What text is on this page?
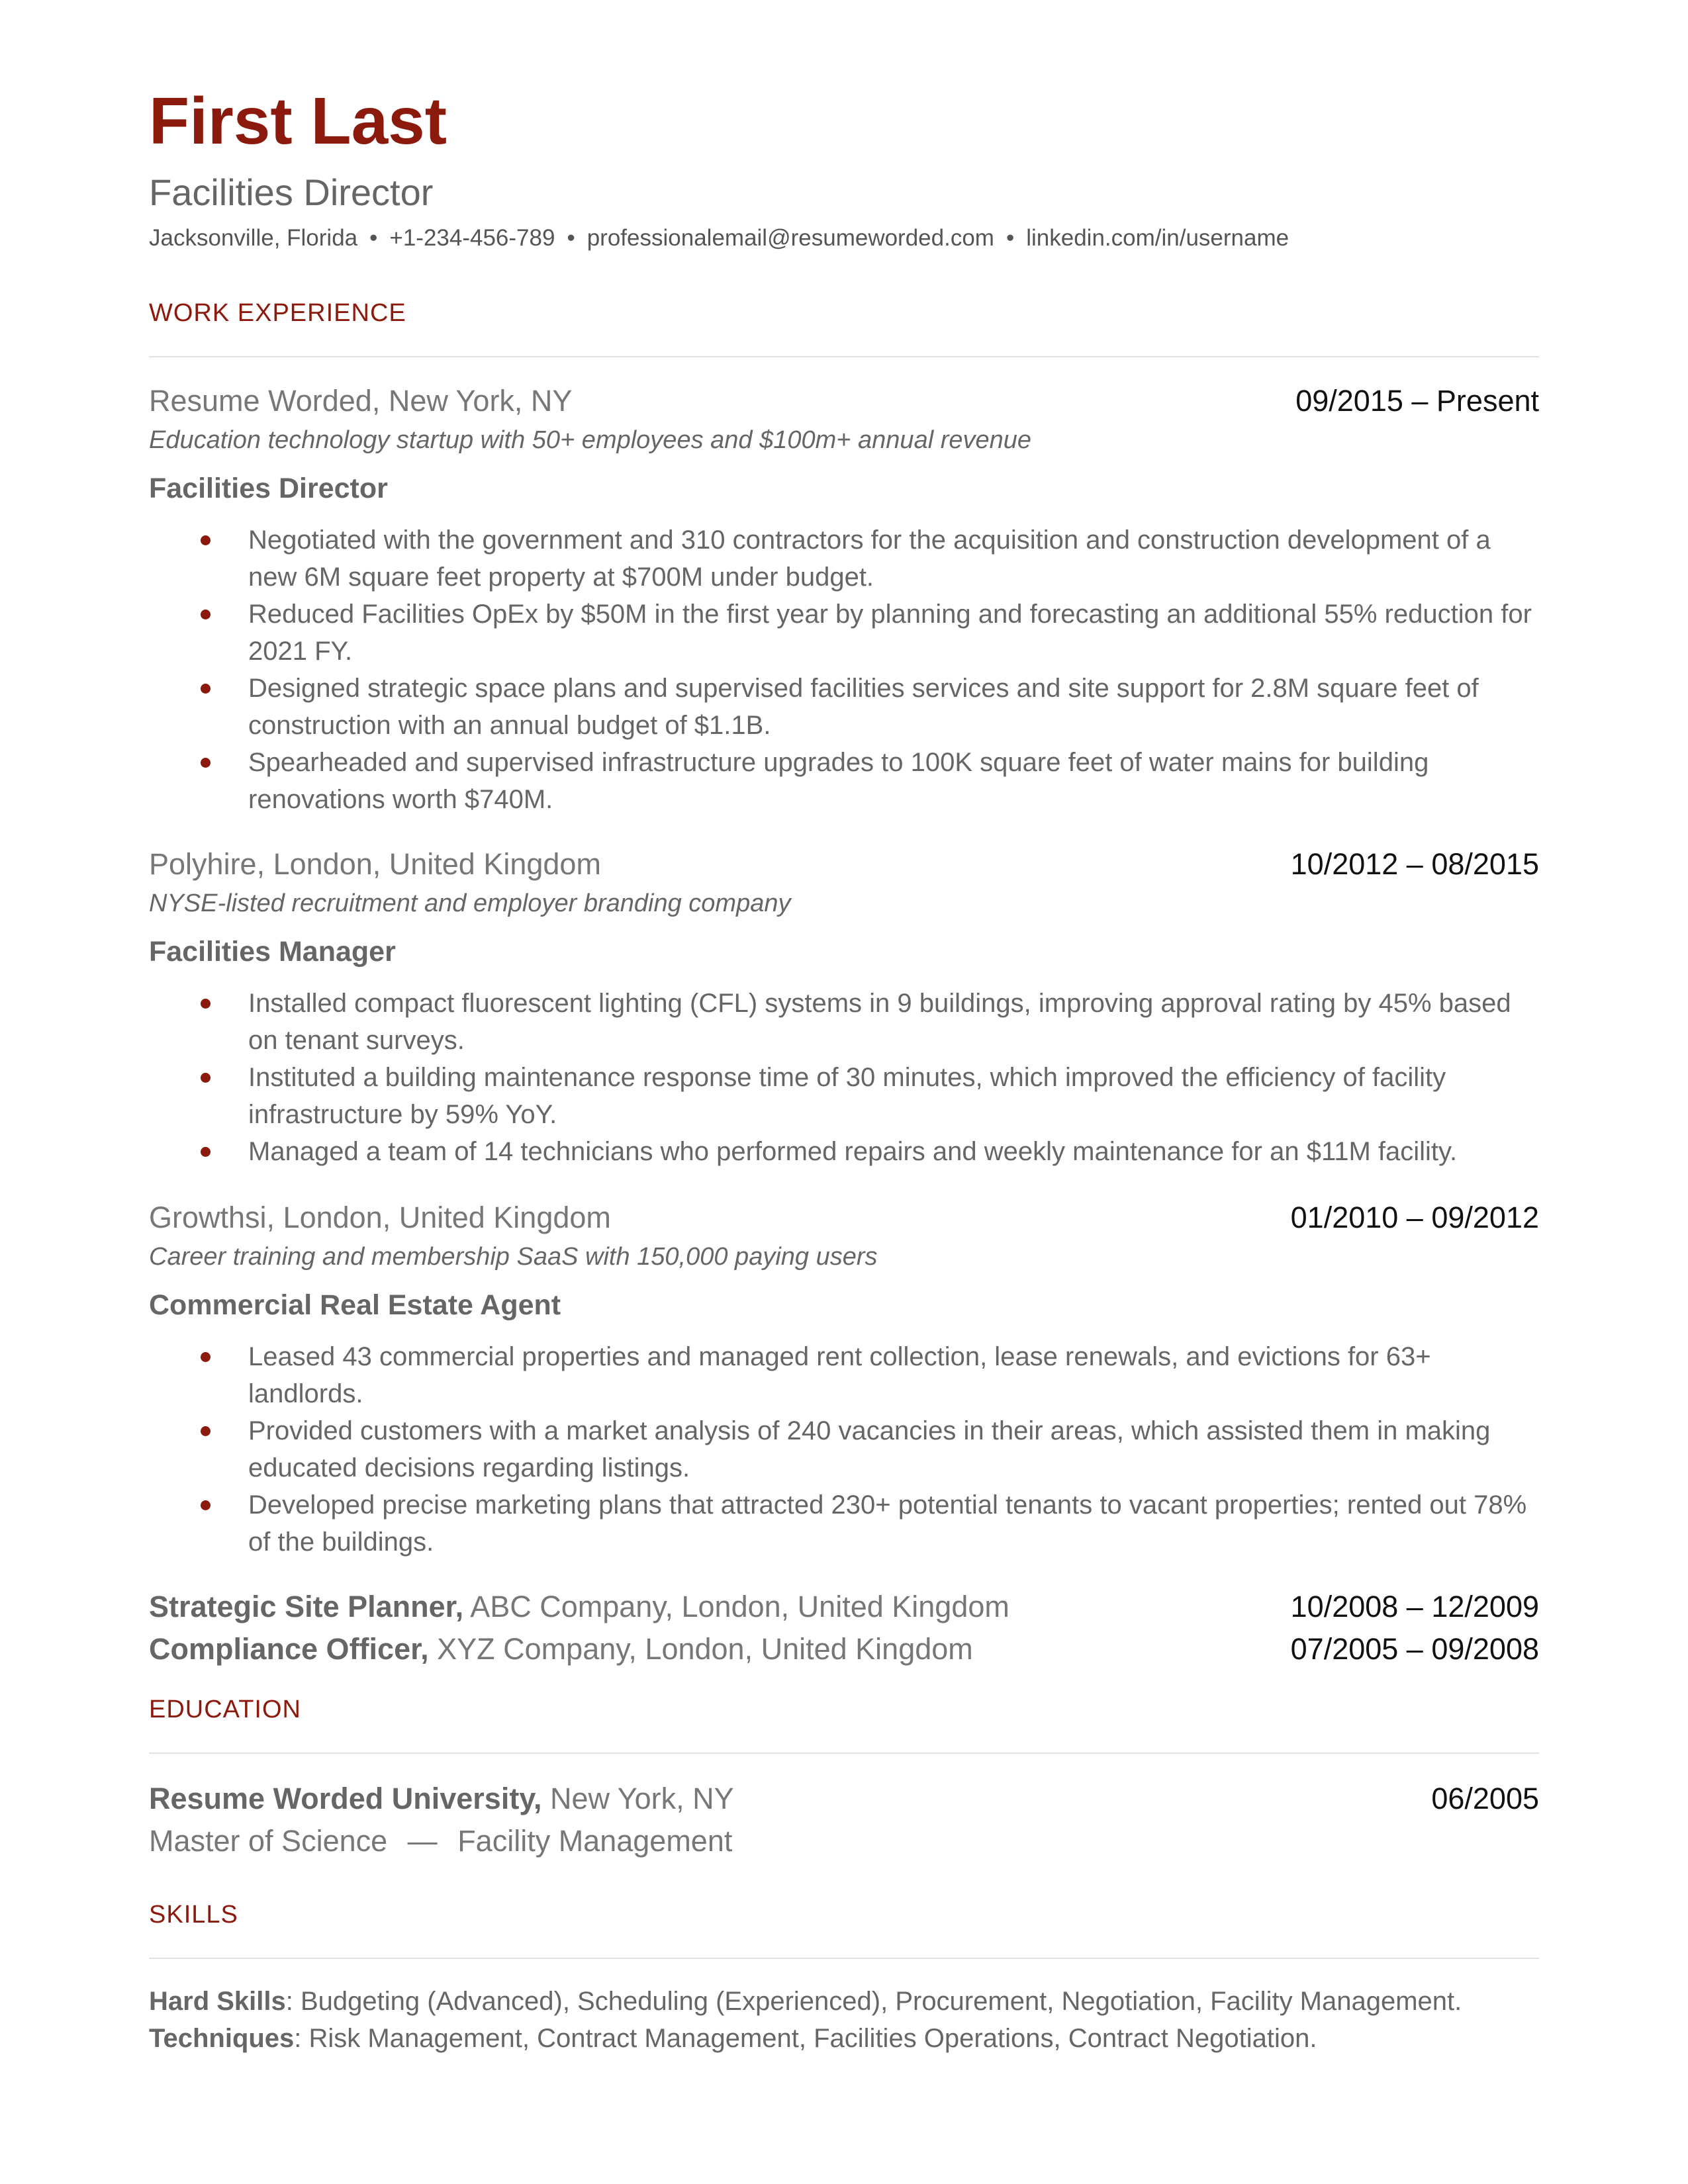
First Last
Facilities Director
Jacksonville, Florida • +1-234-456-789 • professionalemail@resumeworded.com • linkedin.com/in/username
WORK EXPERIENCE
Resume Worded, New York, NY	09/2015 – Present
Education technology startup with 50+ employees and $100m+ annual revenue
Facilities Director
Negotiated with the government and 310 contractors for the acquisition and construction development of a new 6M square feet property at $700M under budget.
Reduced Facilities OpEx by $50M in the first year by planning and forecasting an additional 55% reduction for 2021 FY.
Designed strategic space plans and supervised facilities services and site support for 2.8M square feet of construction with an annual budget of $1.1B.
Spearheaded and supervised infrastructure upgrades to 100K square feet of water mains for building renovations worth $740M.
Polyhire, London, United Kingdom	10/2012 – 08/2015
NYSE-listed recruitment and employer branding company
Facilities Manager
Installed compact fluorescent lighting (CFL) systems in 9 buildings, improving approval rating by 45% based on tenant surveys.
Instituted a building maintenance response time of 30 minutes, which improved the efficiency of facility infrastructure by 59% YoY.
Managed a team of 14 technicians who performed repairs and weekly maintenance for an $11M facility.
Growthsi, London, United Kingdom	01/2010 – 09/2012
Career training and membership SaaS with 150,000 paying users
Commercial Real Estate Agent
Leased 43 commercial properties and managed rent collection, lease renewals, and evictions for 63+ landlords.
Provided customers with a market analysis of 240 vacancies in their areas, which assisted them in making educated decisions regarding listings.
Developed precise marketing plans that attracted 230+ potential tenants to vacant properties; rented out 78% of the buildings.
Strategic Site Planner, ABC Company, London, United Kingdom	10/2008 – 12/2009
Compliance Officer, XYZ Company, London, United Kingdom	07/2005 – 09/2008
EDUCATION
Resume Worded University, New York, NY	06/2005
Master of Science — Facility Management
SKILLS
Hard Skills: Budgeting (Advanced), Scheduling (Experienced), Procurement, Negotiation, Facility Management.
Techniques: Risk Management, Contract Management, Facilities Operations, Contract Negotiation.
